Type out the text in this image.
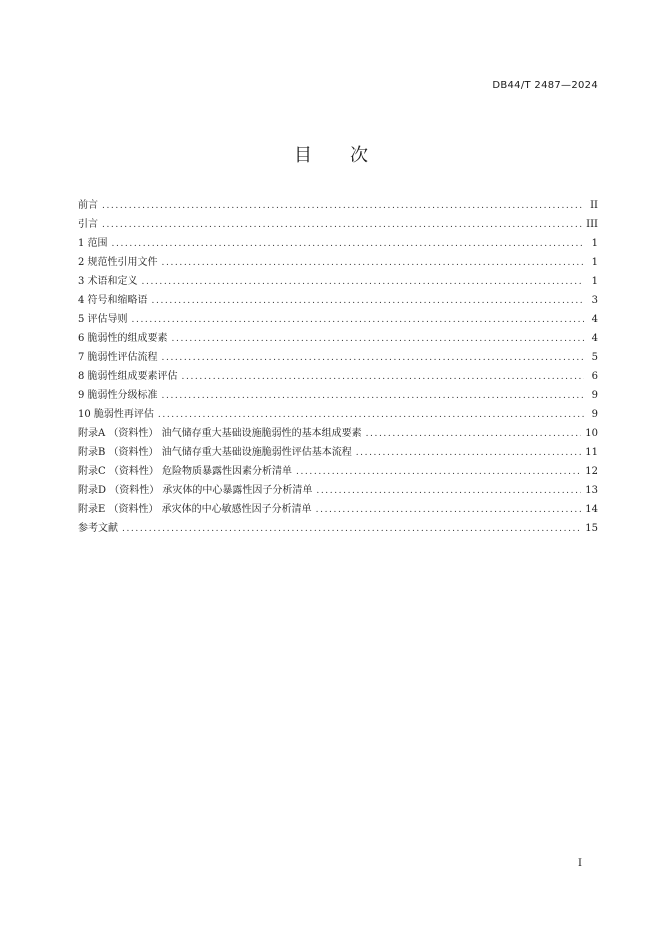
DB44/T 2487—2024
目次
前言 .....	II
引言 .....	III
1 范围 .....	1
2 规范性引用文件 .....	1
3 术语和定义 .....	1
4 符号和缩略语 .....	3
5 评估导则 .....	4
6 脆弱性的组成要素 .....	4
7 脆弱性评估流程 .....	5
8 脆弱性组成要素评估 .....	6
9 脆弱性分级标准 .....	9
10 脆弱性再评估 .....	9
附录A （资料性） 油气储存重大基础设施脆弱性的基本组成要素 .....	10
附录B （资料性） 油气储存重大基础设施脆弱性评估基本流程 .....	11
附录C （资料性） 危险物质暴露性因素分析清单 .....	12
附录D （资料性） 承灾体的中心暴露性因子分析清单 .....	13
附录E （资料性） 承灾体的中心敏感性因子分析清单 .....	14
参考文献 .....	15
I
